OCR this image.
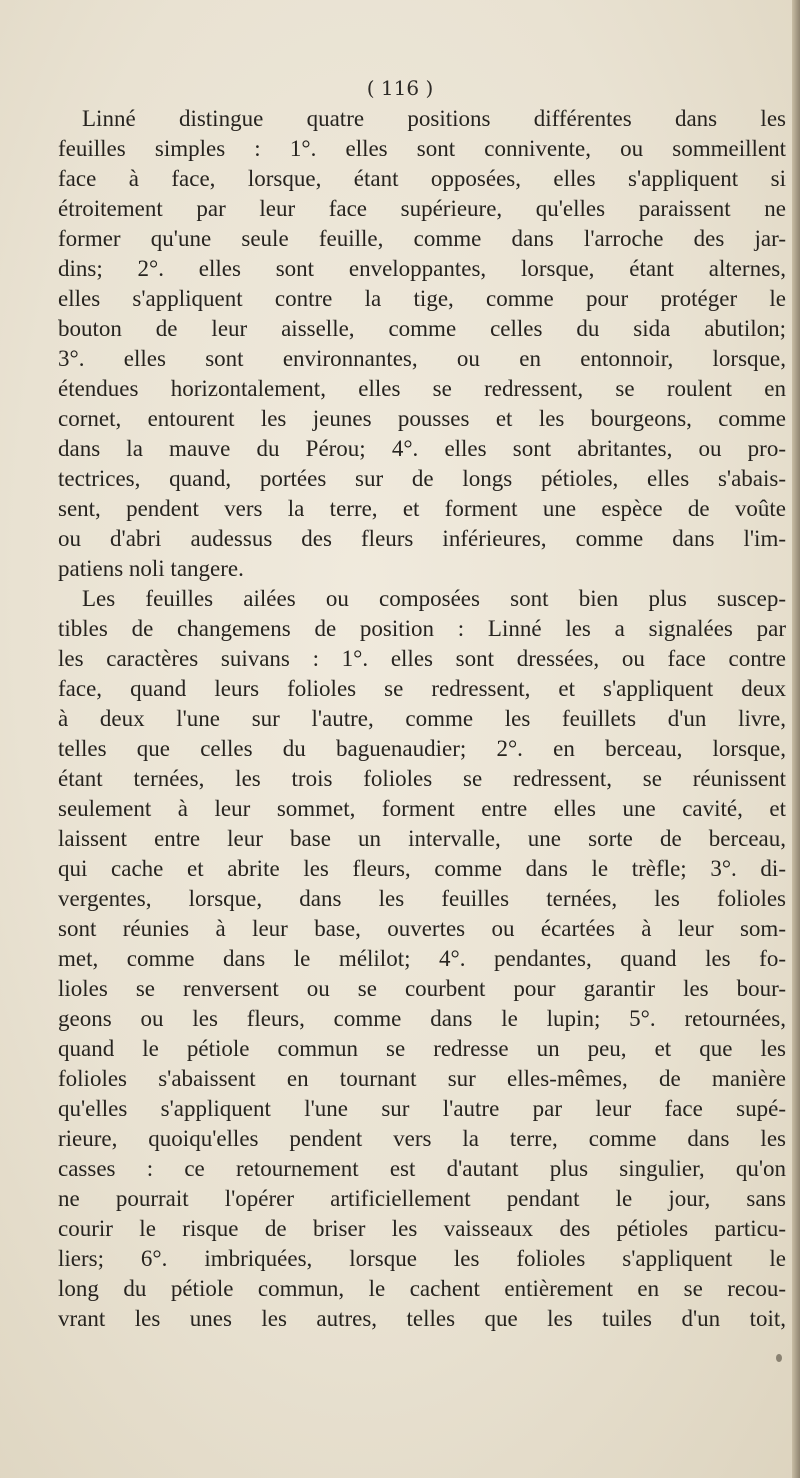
( 116 )
Linné distingue quatre positions différentes dans les
feuilles simples : 1°. elles sont connivente, ou sommeillent
face à face, lorsque, étant opposées, elles s'appliquent si
étroitement par leur face supérieure, qu'elles paraissent ne
former qu'une seule feuille, comme dans l'arroche des jar-
dins; 2°. elles sont enveloppantes, lorsque, étant alternes,
elles s'appliquent contre la tige, comme pour protéger le
bouton de leur aisselle, comme celles du sida abutilon;
3°. elles sont environnantes, ou en entonnoir, lorsque,
étendues horizontalement, elles se redressent, se roulent en
cornet, entourent les jeunes pousses et les bourgeons, comme
dans la mauve du Pérou; 4°. elles sont abritantes, ou pro-
tectrices, quand, portées sur de longs pétioles, elles s'abais-
sent, pendent vers la terre, et forment une espèce de voûte
ou d'abri audessus des fleurs inférieures, comme dans l'im-
patiens noli tangere.
Les feuilles ailées ou composées sont bien plus suscep-
tibles de changemens de position : Linné les a signalées par
les caractères suivans : 1°. elles sont dressées, ou face contre
face, quand leurs folioles se redressent, et s'appliquent deux
à deux l'une sur l'autre, comme les feuillets d'un livre,
telles que celles du baguenaudier; 2°. en berceau, lorsque,
étant ternées, les trois folioles se redressent, se réunissent
seulement à leur sommet, forment entre elles une cavité, et
laissent entre leur base un intervalle, une sorte de berceau,
qui cache et abrite les fleurs, comme dans le trèfle; 3°. di-
vergentes, lorsque, dans les feuilles ternées, les folioles
sont réunies à leur base, ouvertes ou écartées à leur som-
met, comme dans le mélilot; 4°. pendantes, quand les fo-
lioles se renversent ou se courbent pour garantir les bour-
geons ou les fleurs, comme dans le lupin; 5°. retournées,
quand le pétiole commun se redresse un peu, et que les
folioles s'abaissent en tournant sur elles-mêmes, de manière
qu'elles s'appliquent l'une sur l'autre par leur face supé-
rieure, quoiqu'elles pendent vers la terre, comme dans les
casses : ce retournement est d'autant plus singulier, qu'on
ne pourrait l'opérer artificiellement pendant le jour, sans
courir le risque de briser les vaisseaux des pétioles particu-
liers; 6°. imbriquées, lorsque les folioles s'appliquent le
long du pétiole commun, le cachent entièrement en se recou-
vrant les unes les autres, telles que les tuiles d'un toit,
